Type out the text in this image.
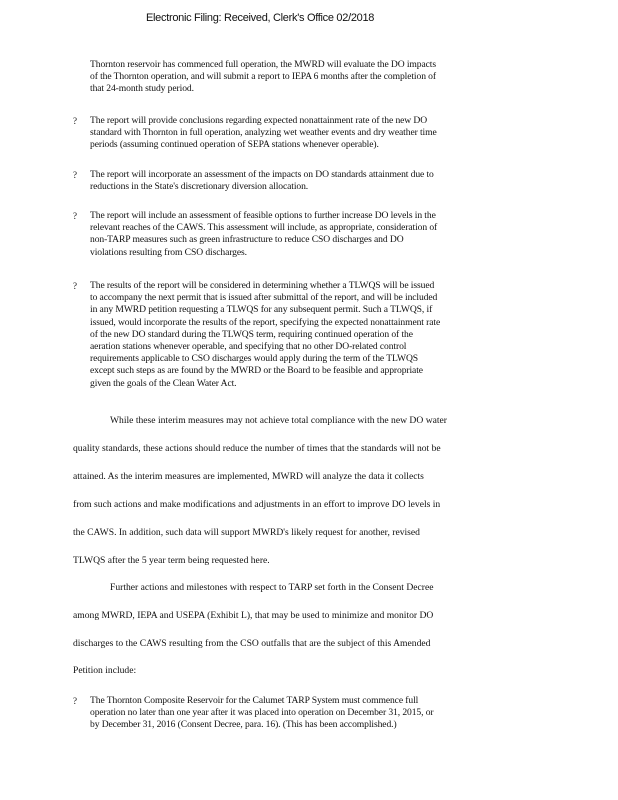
Electronic Filing: Received, Clerk's Office 02/2018
Thornton reservoir has commenced full operation, the MWRD will evaluate the DO impacts
of the Thornton operation, and will submit a report to IEPA 6 months after the completion of
that 24-month study period.
? The report will provide conclusions regarding expected nonattainment rate of the new DO
standard with Thornton in full operation, analyzing wet weather events and dry weather time
periods (assuming continued operation of SEPA stations whenever operable).
? The report will incorporate an assessment of the impacts on DO standards attainment due to
reductions in the State's discretionary diversion allocation.
? The report will include an assessment of feasible options to further increase DO levels in the
relevant reaches of the CAWS. This assessment will include, as appropriate, consideration of
non-TARP measures such as green infrastructure to reduce CSO discharges and DO
violations resulting from CSO discharges.
? The results of the report will be considered in determining whether a TLWQS will be issued
to accompany the next permit that is issued after submittal of the report, and will be included
in any MWRD petition requesting a TLWQS for any subsequent permit. Such a TLWQS, if
issued, would incorporate the results of the report, specifying the expected nonattainment rate
of the new DO standard during the TLWQS term, requiring continued operation of the
aeration stations whenever operable, and specifying that no other DO-related control
requirements applicable to CSO discharges would apply during the term of the TLWQS
except such steps as are found by the MWRD or the Board to be feasible and appropriate
given the goals of the Clean Water Act.
While these interim measures may not achieve total compliance with the new DO water
quality standards, these actions should reduce the number of times that the standards will not be
attained. As the interim measures are implemented, MWRD will analyze the data it collects
from such actions and make modifications and adjustments in an effort to improve DO levels in
the CAWS. In addition, such data will support MWRD's likely request for another, revised
TLWQS after the 5 year term being requested here.
Further actions and milestones with respect to TARP set forth in the Consent Decree
among MWRD, IEPA and USEPA (Exhibit L), that may be used to minimize and monitor DO
discharges to the CAWS resulting from the CSO outfalls that are the subject of this Amended
Petition include:
? The Thornton Composite Reservoir for the Calumet TARP System must commence full
operation no later than one year after it was placed into operation on December 31, 2015, or
by December 31, 2016 (Consent Decree, para. 16). (This has been accomplished.)
